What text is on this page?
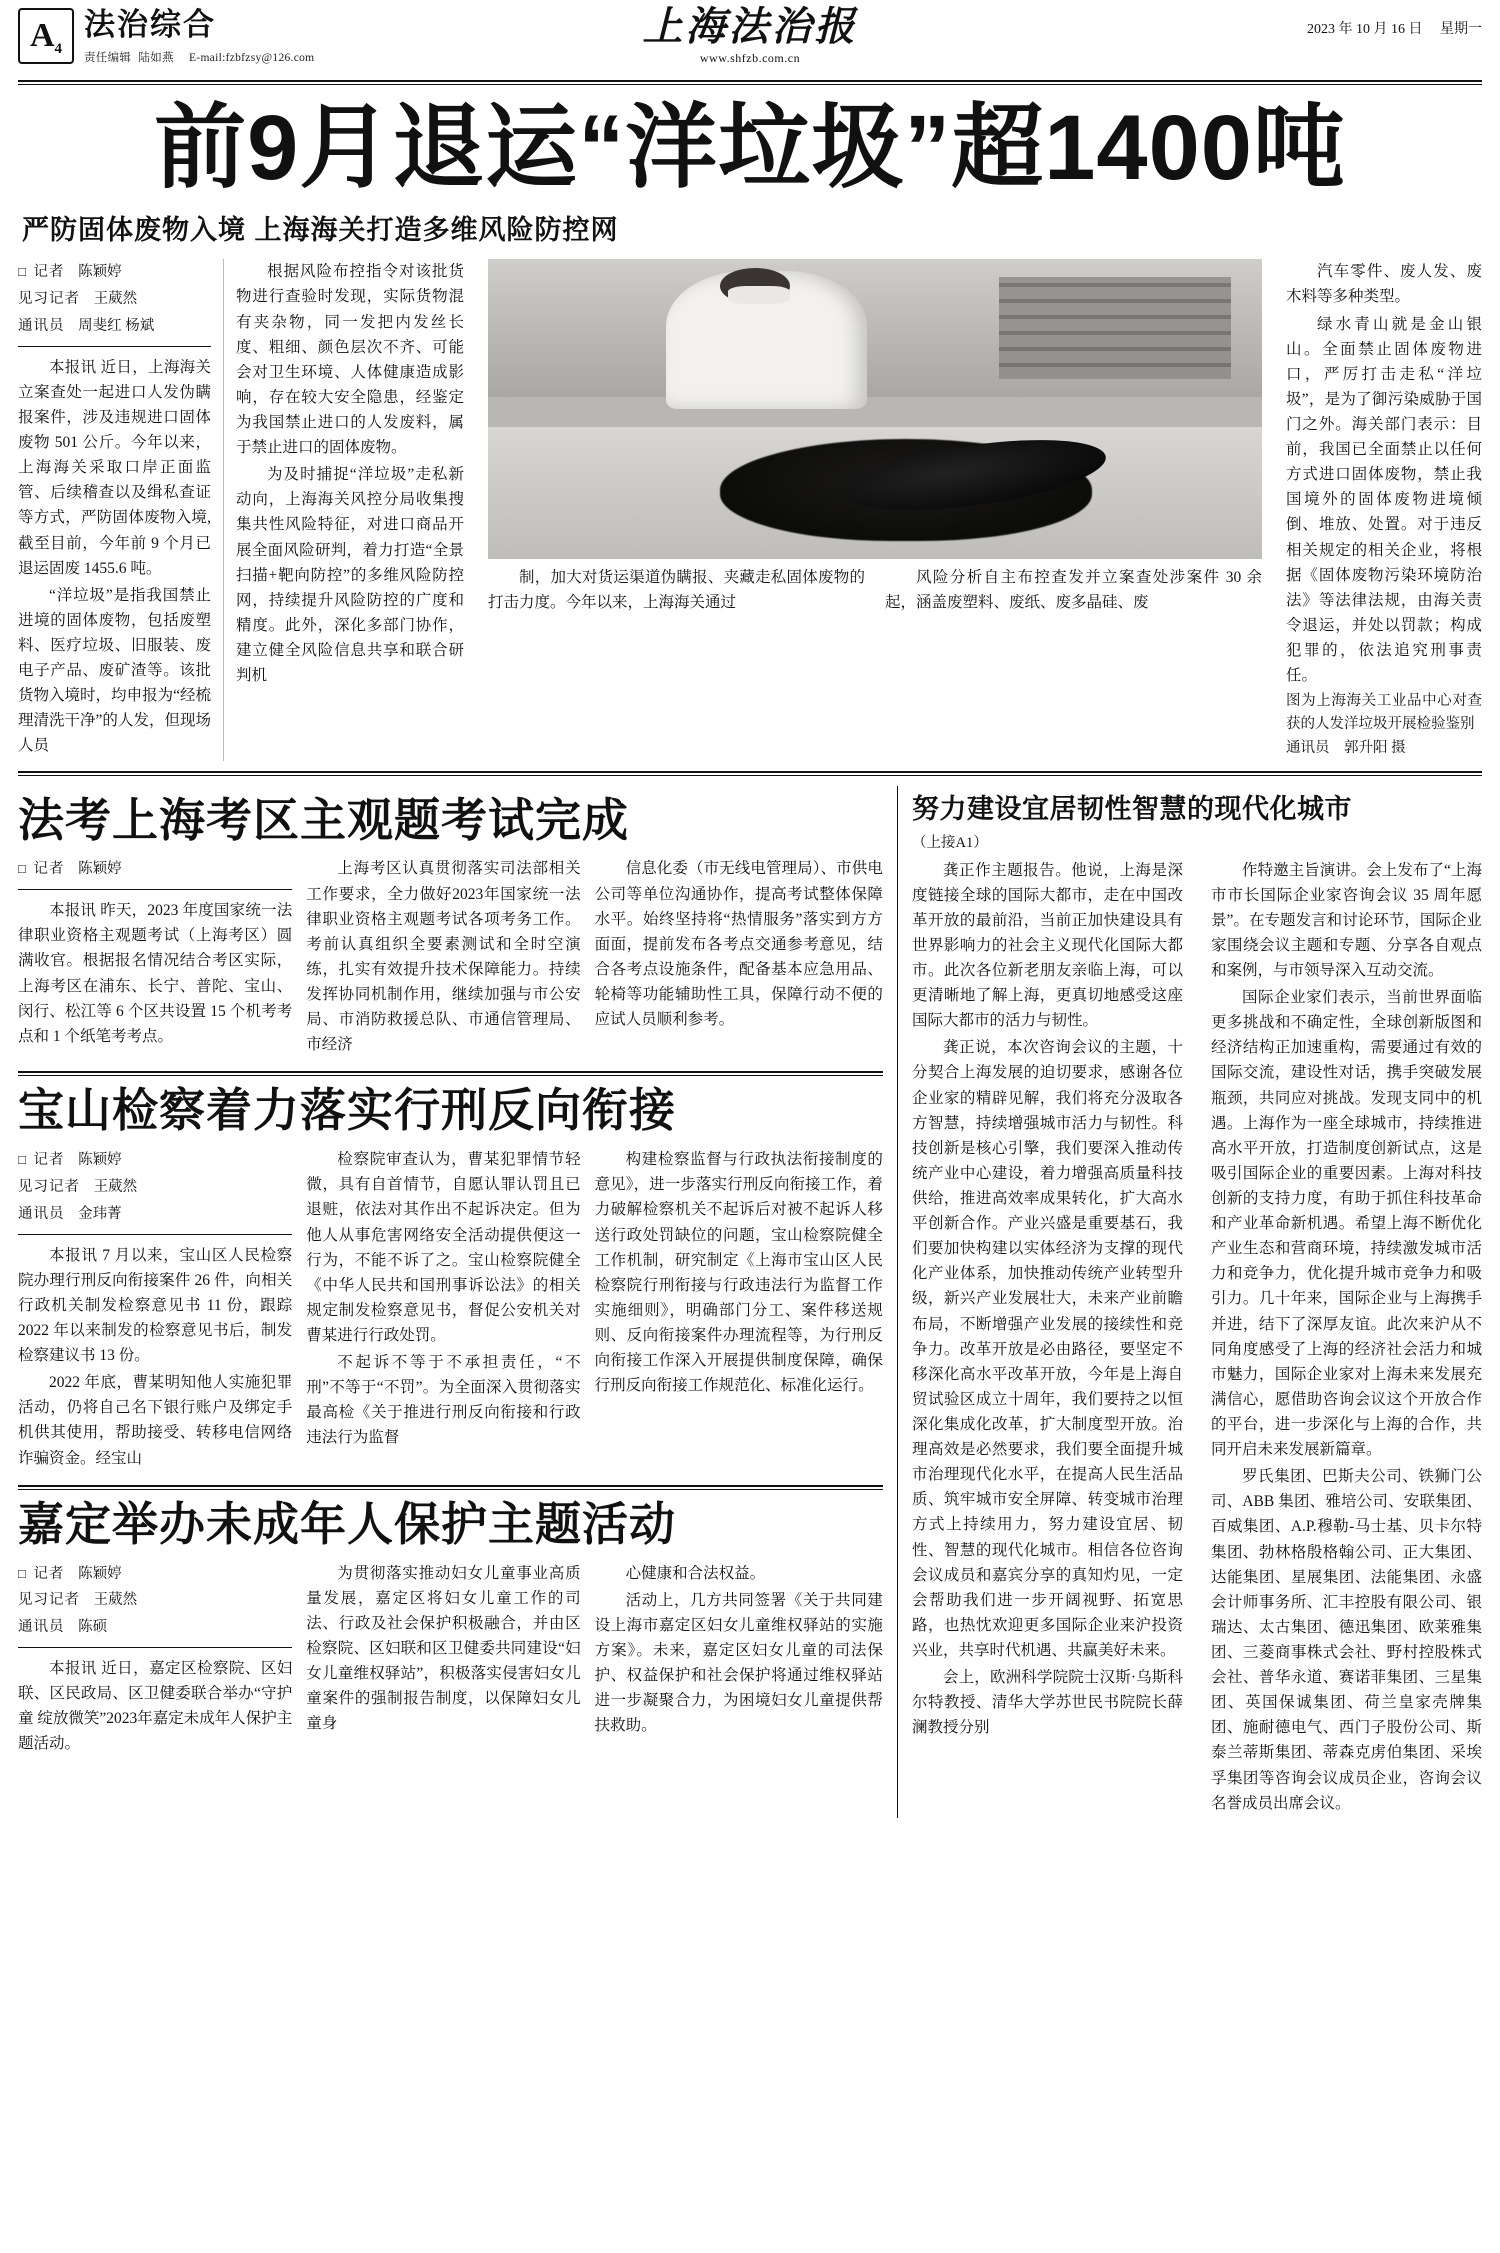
A 4
法治综合
责任编辑 陆如燕 E-mail:fzbfzsy@126.com
上海法治报
www.shfzb.com.cn
2023 年 10 月 16 日 星期一
前9月退运“洋垃圾”超1400吨
严防固体废物入境 上海海关打造多维风险防控网
□ 记者 陈颖婷
见习记者 王葳然
通讯员 周斐红 杨斌

本报讯 近日，上海海关立案查处一起进口人发伪瞒报案件，涉及违规进口固体废物 501 公斤。今年以来，上海海关采取口岸正面监管、后续稽查以及缉私查证等方式，严防固体废物入境,截至目前，今年前 9 个月已退运固废 1455.6 吨。

“洋垃圾”是指我国禁止进境的固体废物，包括废塑料、医疗垃圾、旧服装、废电子产品、废矿渣等。该批货物入境时，均申报为“经梳理清洗干净”的人发，但现场人员

根据风险布控指令对该批货物进行查验时发现，实际货物混有夹杂物，同一发把内发丝长度、粗细、颜色层次不齐、可能会对卫生环境、人体健康造成影响，存在较大安全隐患，经鉴定为我国禁止进口的人发废料，属于禁止进口的固体废物。

为及时捕捉“洋垃圾”走私新动向，上海海关风控分局收集搜集共性风险特征，对进口商品开展全面风险研判，着力打造“全景扫描+靶向防控”的多维风险防控网，持续提升风险防控的广度和精度。此外，深化多部门协作，建立健全风险信息共享和联合研判机

制，加大对货运渠道伪瞒报、夹藏走私固体废物的打击力度。今年以来，上海海关通过

风险分析自主布控查发并立案查处涉案件 30 余起，涵盖废塑料、废纸、废多晶硅、废

汽车零件、废人发、废木料等多种类型。

绿水青山就是金山银山。全面禁止固体废物进口，严厉打击走私“洋垃圾”，是为了御污染威胁于国门之外。海关部门表示：目前，我国已全面禁止以任何方式进口固体废物，禁止我国境外的固体废物进境倾倒、堆放、处置。对于违反相关规定的相关企业，将根据《固体废物污染环境防治法》等法律法规，由海关责令退运，并处以罚款；构成犯罪的，依法追究刑事责任。

图为上海海关工业品中心对查获的人发洋垃圾开展检验鉴别
通讯员 郭升阳 摄
法考上海考区主观题考试完成
□ 记者 陈颖婷

本报讯 昨天，2023 年度国家统一法律职业资格主观题考试（上海考区）圆满收官。根据报名情况结合考区实际，上海考区在浦东、长宁、普陀、宝山、闵行、松江等 6 个区共设置 15 个机考考点和 1 个纸笔考考点。

上海考区认真贯彻落实司法部相关工作要求，全力做好2023年国家统一法律职业资格主观题考试各项考务工作。考前认真组织全要素测试和全时空演练，扎实有效提升技术保障能力。持续发挥协同机制作用，继续加强与市公安局、市消防救援总队、市通信管理局、市经济

信息化委（市无线电管理局）、市供电公司等单位沟通协作，提高考试整体保障水平。始终坚持将“热情服务”落实到方方面面，提前发布各考点交通参考意见，结合各考点设施条件，配备基本应急用品、轮椅等功能辅助性工具，保障行动不便的应试人员顺利参考。

宝山检察着力落实行刑反向衔接
□ 记者 陈颖婷
见习记者 王葳然
通讯员 金玮菁

本报讯 7 月以来，宝山区人民检察院办理行刑反向衔接案件 26 件，向相关行政机关制发检察意见书 11 份，跟踪 2022 年以来制发的检察意见书后，制发检察建议书 13 份。

2022 年底，曹某明知他人实施犯罪活动，仍将自己名下银行账户及绑定手机供其使用，帮助接受、转移电信网络诈骗资金。经宝山

检察院审查认为，曹某犯罪情节轻微，具有自首情节，自愿认罪认罚且已退赃，依法对其作出不起诉决定。但为他人从事危害网络安全活动提供便这一行为，不能不诉了之。宝山检察院健全《中华人民共和国刑事诉讼法》的相关规定制发检察意见书，督促公安机关对曹某进行行政处罚。

不起诉不等于不承担责任，“不刑”不等于“不罚”。为全面深入贯彻落实最高检《关于推进行刑反向衔接和行政违法行为监督

构建检察监督与行政执法衔接制度的意见》，进一步落实行刑反向衔接工作，着力破解检察机关不起诉后对被不起诉人移送行政处罚缺位的问题，宝山检察院健全工作机制，研究制定《上海市宝山区人民检察院行刑衔接与行政违法行为监督工作实施细则》，明确部门分工、案件移送规则、反向衔接案件办理流程等，为行刑反向衔接工作深入开展提供制度保障，确保行刑反向衔接工作规范化、标准化运行。

嘉定举办未成年人保护主题活动
□ 记者 陈颖婷
见习记者 王葳然
通讯员 陈硕

本报讯 近日，嘉定区检察院、区妇联、区民政局、区卫健委联合举办“守护童 绽放微笑”2023年嘉定未成年人保护主题活动。

为贯彻落实推动妇女儿童事业高质量发展，嘉定区将妇女儿童工作的司法、行政及社会保护积极融合，并由区检察院、区妇联和区卫健委共同建设“妇女儿童维权驿站”，积极落实侵害妇女儿童案件的强制报告制度，以保障妇女儿童身

心健康和合法权益。

活动上，几方共同签署《关于共同建设上海市嘉定区妇女儿童维权驿站的实施方案》。未来，嘉定区妇女儿童的司法保护、权益保护和社会保护将通过维权驿站进一步凝聚合力，为困境妇女儿童提供帮扶救助。

努力建设宜居韧性智慧的现代化城市
（上接A1）

龚正作主题报告。他说，上海是深度链接全球的国际大都市，走在中国改革开放的最前沿，当前正加快建设具有世界影响力的社会主义现代化国际大都市。此次各位新老朋友亲临上海，可以更清晰地了解上海，更真切地感受这座国际大都市的活力与韧性。

龚正说，本次咨询会议的主题，十分契合上海发展的迫切要求，感谢各位企业家的精辟见解，我们将充分汲取各方智慧，持续增强城市活力与韧性。科技创新是核心引擎，我们要深入推动传统产业中心建设，着力增强高质量科技供给，推进高效率成果转化，扩大高水平创新合作。产业兴盛是重要基石，我们要加快构建以实体经济为支撑的现代化产业体系，加快推动传统产业转型升级，新兴产业发展壮大，未来产业前瞻布局，不断增强产业发展的接续性和竞争力。改革开放是必由路径，要坚定不移深化高水平改革开放，今年是上海自贸试验区成立十周年，我们要持之以恒深化集成化改革，扩大制度型开放。治理高效是必然要求，我们要全面提升城市治理现代化水平，在提高人民生活品质、筑牢城市安全屏障、转变城市治理方式上持续用力，努力建设宜居、韧性、智慧的现代化城市。相信各位咨询会议成员和嘉宾分享的真知灼见，一定会帮助我们进一步开阔视野、拓宽思路，也热忱欢迎更多国际企业来沪投资兴业，共享时代机遇、共赢美好未来。

会上，欧洲科学院院士汉斯·乌斯科尔特教授、清华大学苏世民书院院长薛澜教授分别

作特邀主旨演讲。会上发布了“上海市市长国际企业家咨询会议 35 周年愿景”。在专题发言和讨论环节，国际企业家围绕会议主题和专题、分享各自观点和案例，与市领导深入互动交流。

国际企业家们表示，当前世界面临更多挑战和不确定性，全球创新版图和经济结构正加速重构，需要通过有效的国际交流，建设性对话，携手突破发展瓶颈，共同应对挑战。发现支同中的机遇。上海作为一座全球城市，持续推进高水平开放，打造制度创新试点，这是吸引国际企业的重要因素。上海对科技创新的支持力度，有助于抓住科技革命和产业革命新机遇。希望上海不断优化产业生态和营商环境，持续激发城市活力和竞争力，优化提升城市竞争力和吸引力。几十年来，国际企业与上海携手并进，结下了深厚友谊。此次来沪从不同角度感受了上海的经济社会活力和城市魅力，国际企业家对上海未来发展充满信心，愿借助咨询会议这个开放合作的平台，进一步深化与上海的合作，共同开启未来发展新篇章。

罗氏集团、巴斯夫公司、铁狮门公司、ABB 集团、雅培公司、安联集团、百威集团、A.P.穆勒-马士基、贝卡尔特集团、勃林格殷格翰公司、正大集团、达能集团、星展集团、法能集团、永盛会计师事务所、汇丰控股有限公司、银瑞达、太古集团、德迅集团、欧莱雅集团、三菱商事株式会社、野村控股株式会社、普华永道、赛诺菲集团、三星集团、英国保诚集团、荷兰皇家壳牌集团、施耐德电气、西门子股份公司、斯泰兰蒂斯集团、蒂森克虏伯集团、采埃孚集团等咨询会议成员企业，咨询会议名誉成员出席会议。
